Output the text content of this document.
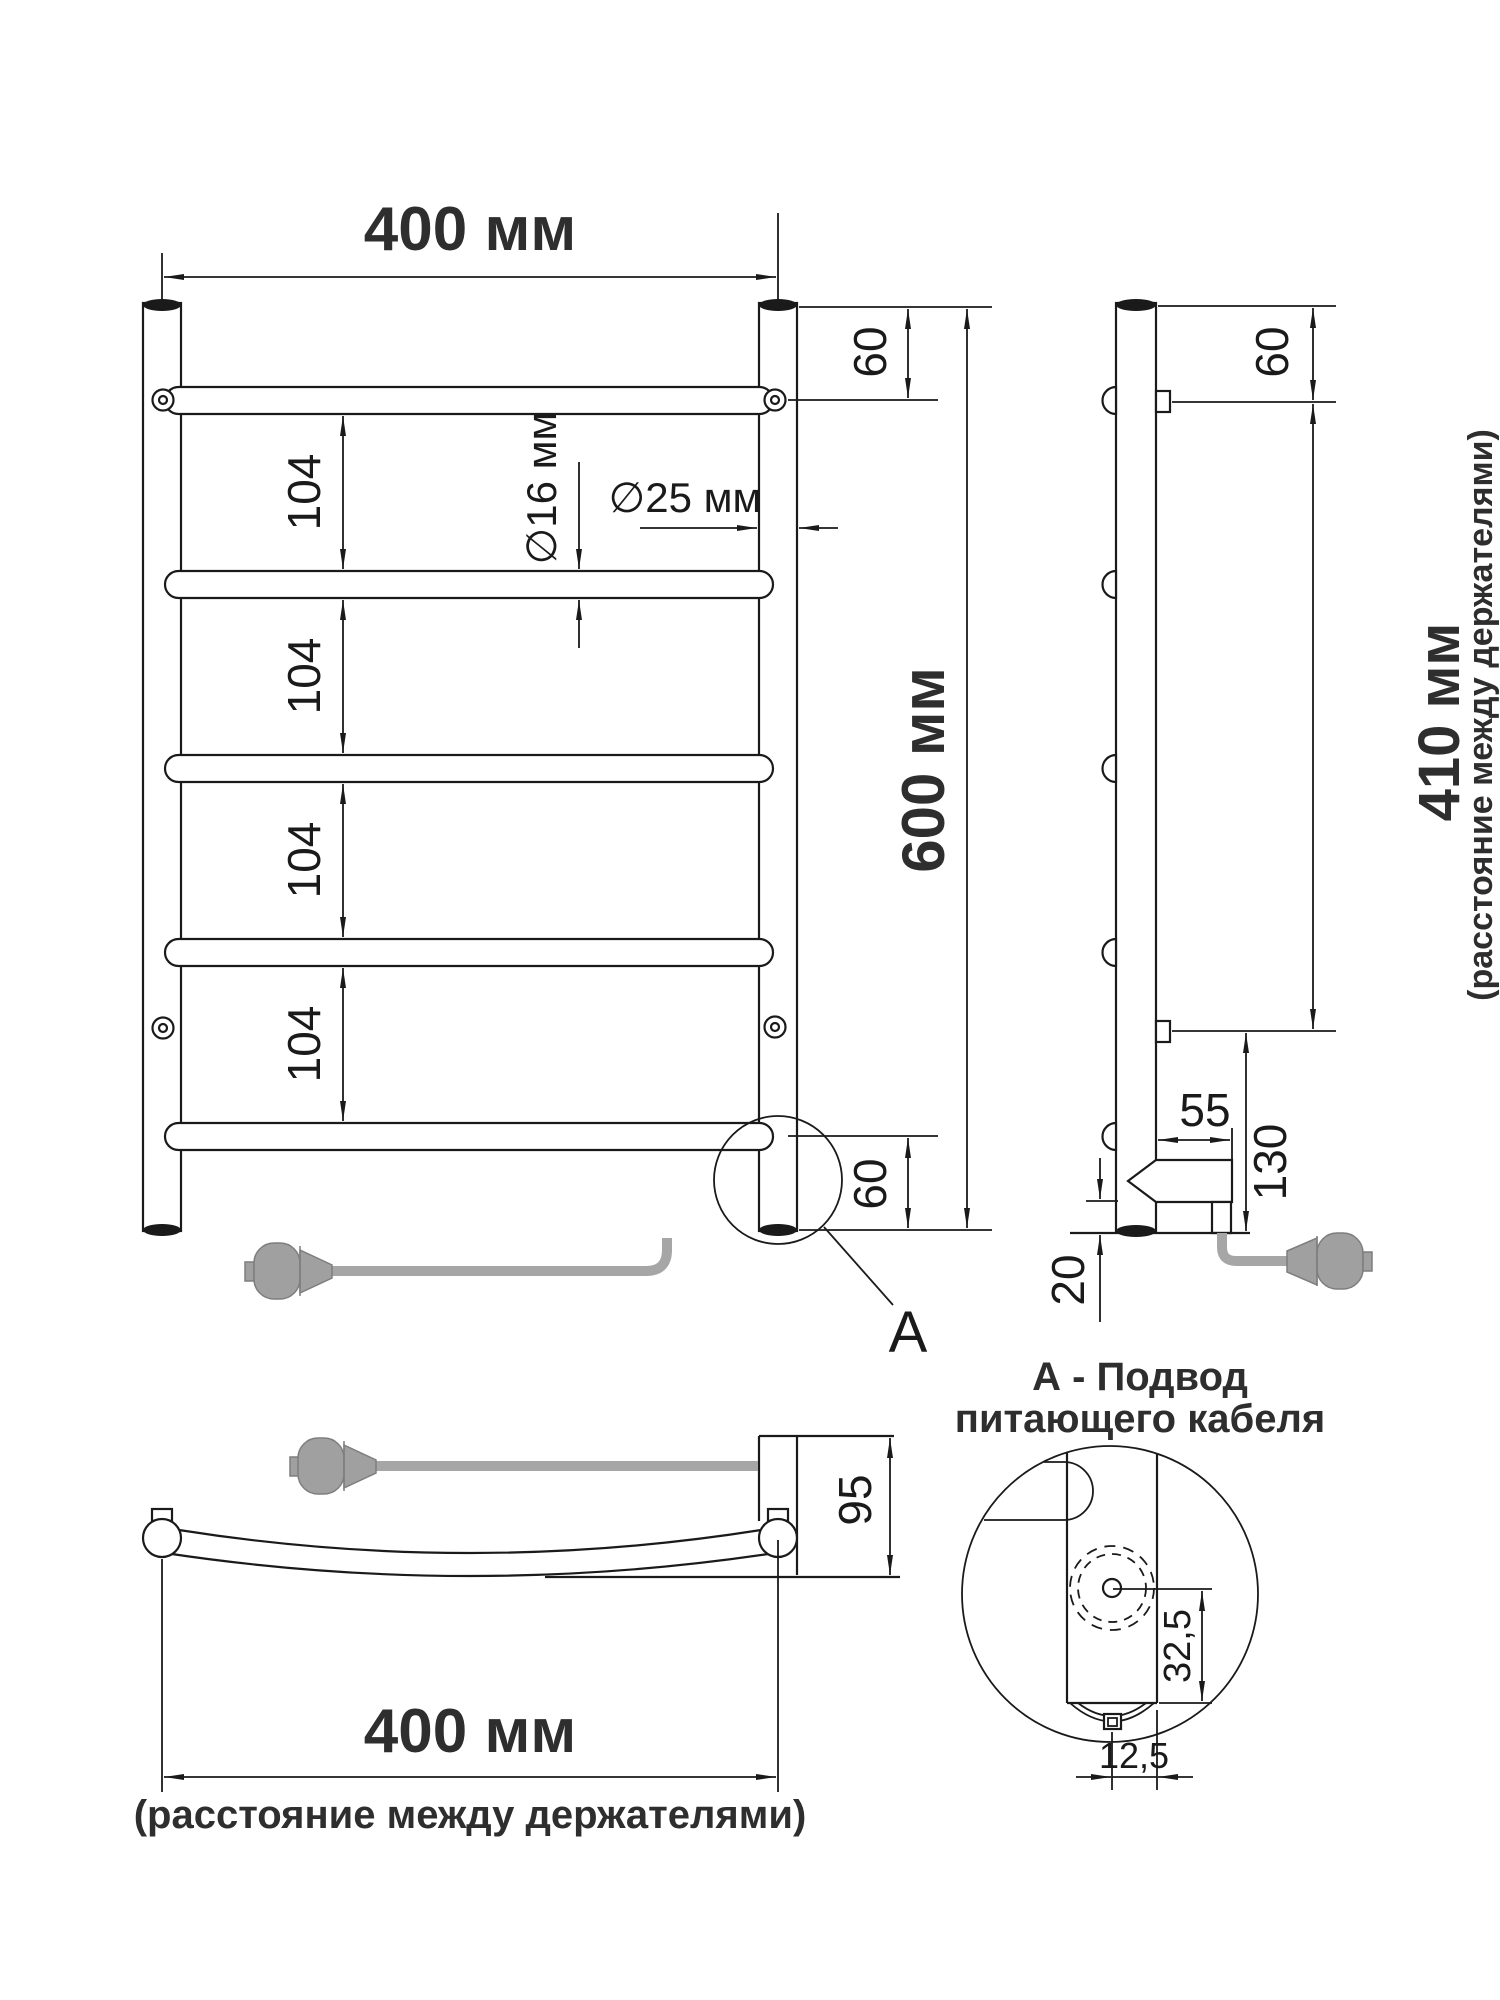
400 мм
60
104
104
104
104
∅16 мм ∅25 мм
600 мм
60
А
60
410 мм
(расстояние между держателями)
55
130
20
95
400 мм
(расстояние между держателями)
А - Подвод
питающего кабеля
32,5
12,5
